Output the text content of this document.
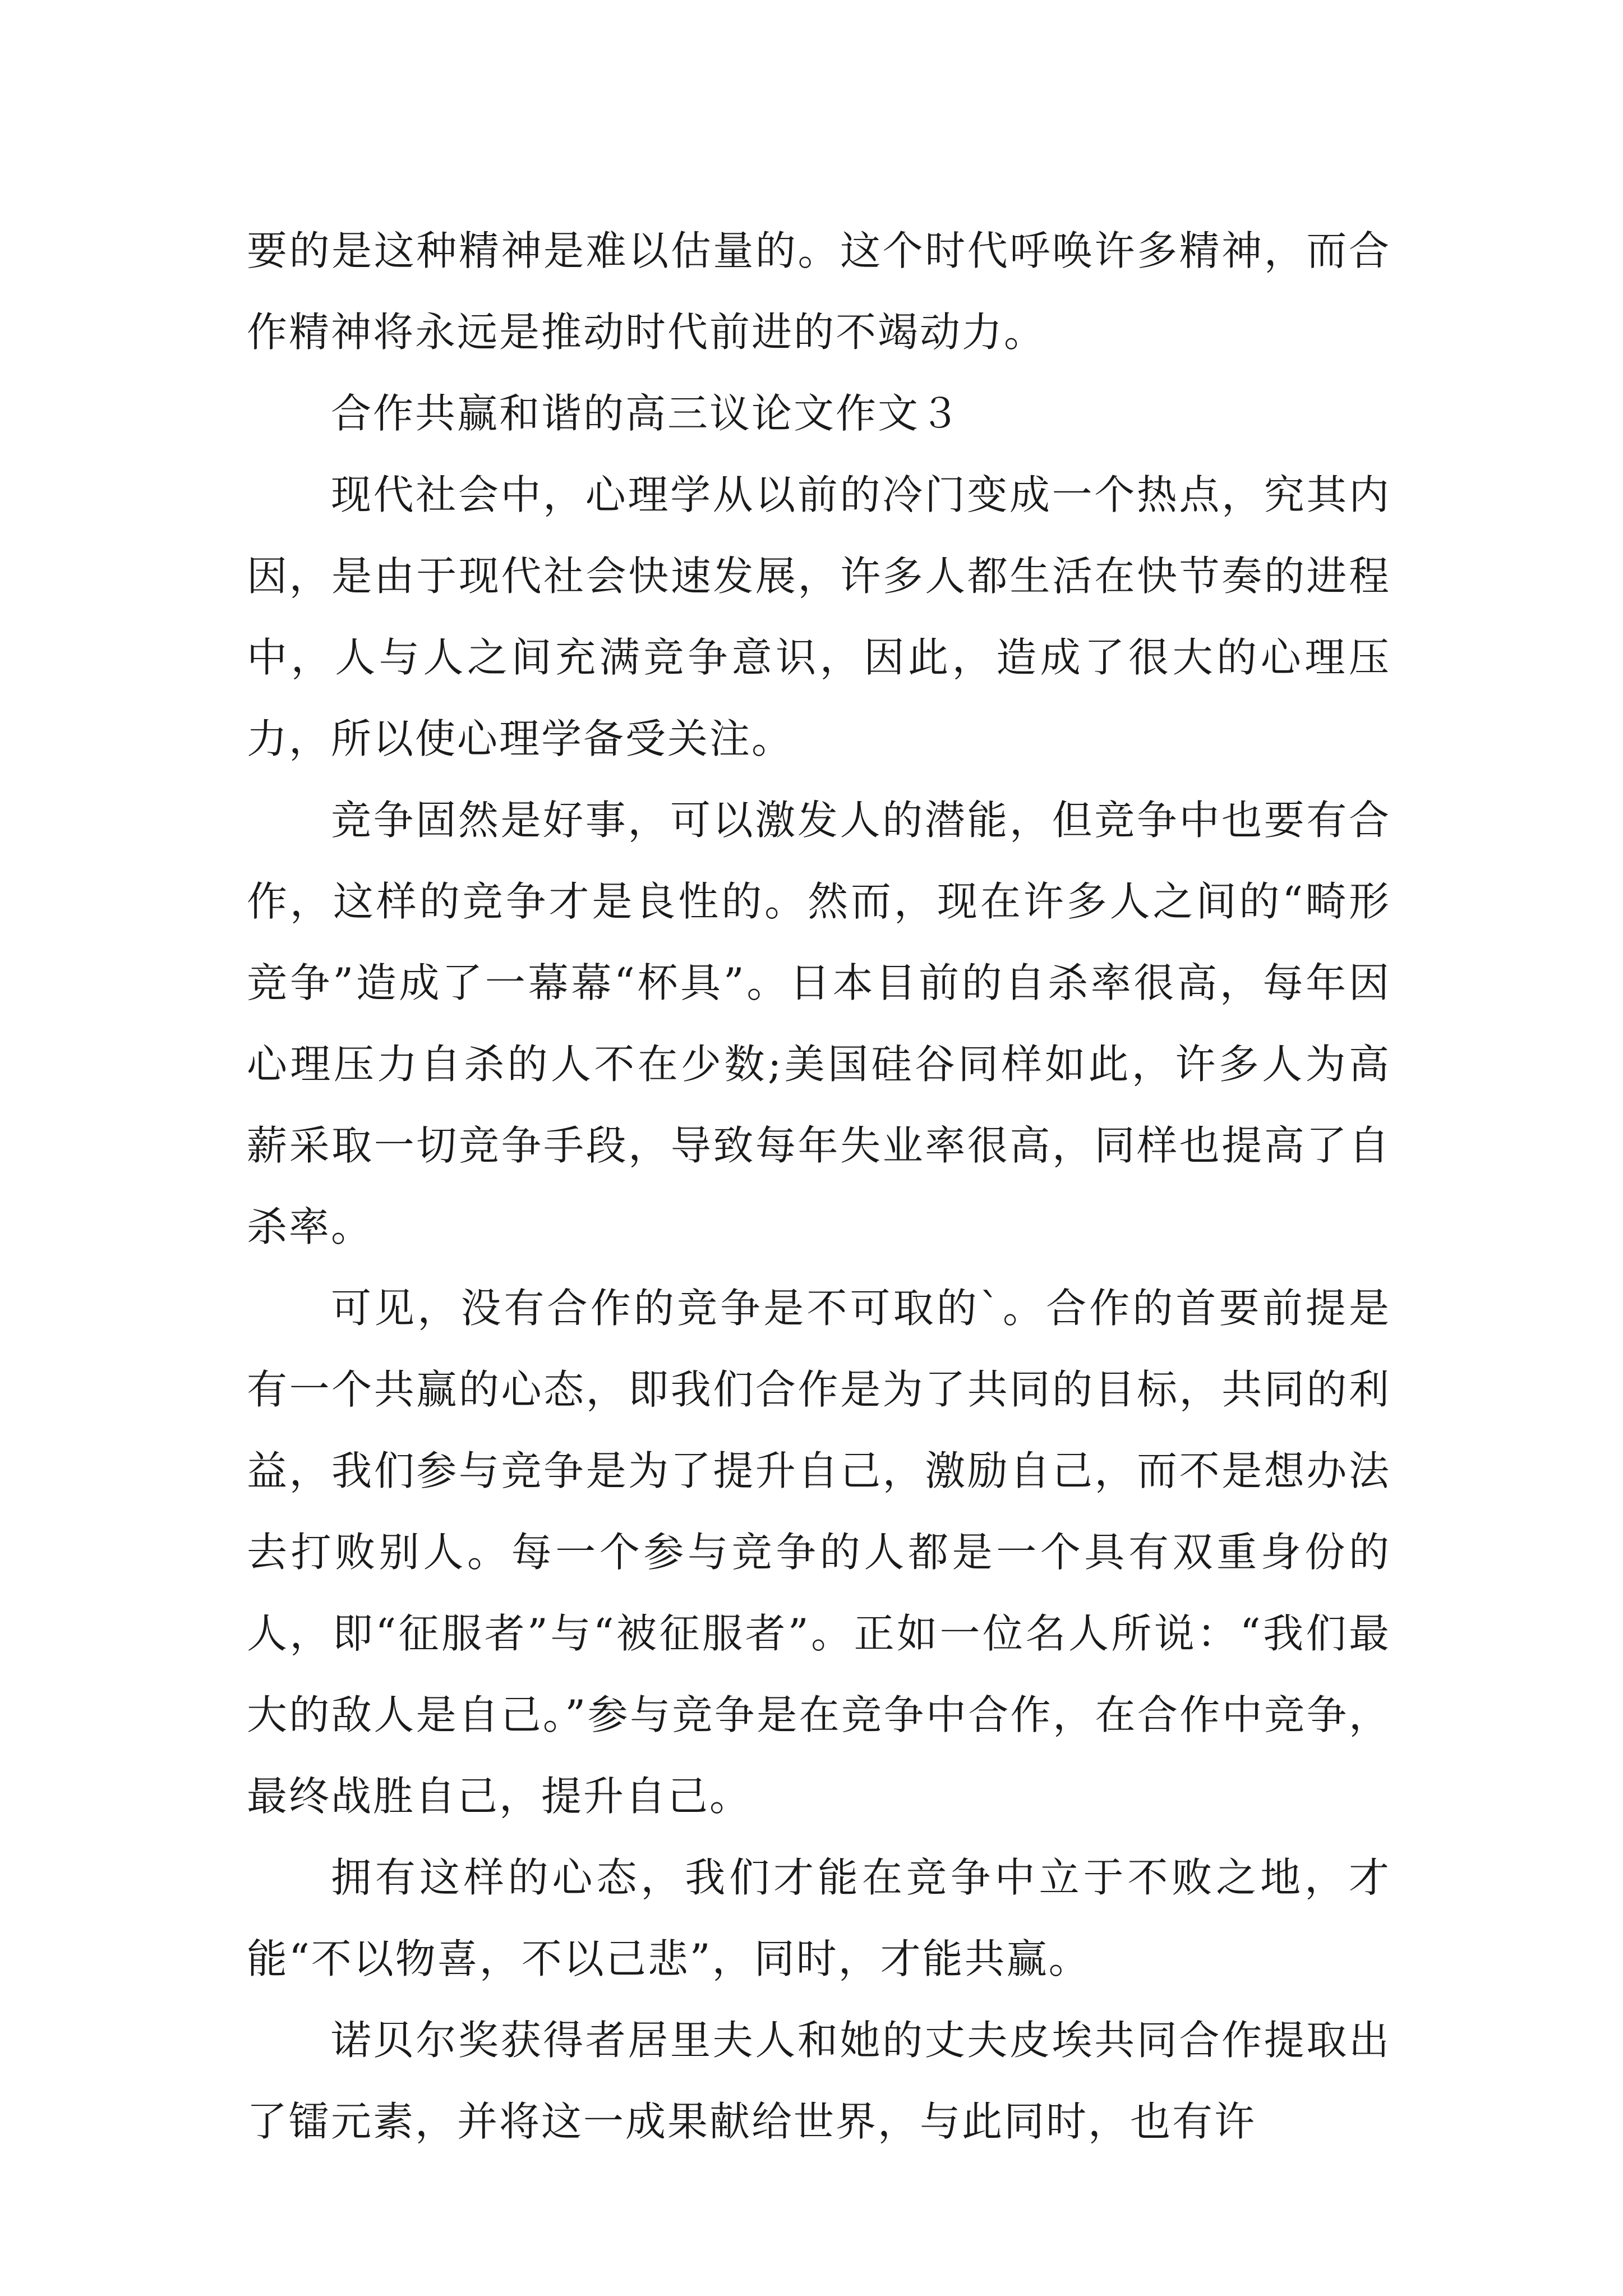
要的是这种精神是难以估量的。这个时代呼唤许多精神，而合作精神将永远是推动时代前进的不竭动力。

合作共赢和谐的高三议论文作文３

现代社会中，心理学从以前的冷门变成一个热点，究其内因，是由于现代社会快速发展，许多人都生活在快节奏的进程中，人与人之间充满竞争意识，因此，造成了很大的心理压力，所以使心理学备受关注。

竞争固然是好事，可以激发人的潜能，但竞争中也要有合作，这样的竞争才是良性的。然而，现在许多人之间的“畸形竞争”造成了一幕幕“杯具”。日本目前的自杀率很高，每年因心理压力自杀的人不在少数;美国硅谷同样如此，许多人为高薪采取一切竞争手段，导致每年失业率很高，同样也提高了自杀率。

可见，没有合作的竞争是不可取的`。合作的首要前提是有一个共赢的心态，即我们合作是为了共同的目标，共同的利益，我们参与竞争是为了提升自己，激励自己，而不是想办法去打败别人。每一个参与竞争的人都是一个具有双重身份的人，即“征服者”与“被征服者”。正如一位名人所说：“我们最大的敌人是自己。”参与竞争是在竞争中合作，在合作中竞争，最终战胜自己，提升自己。

拥有这样的心态，我们才能在竞争中立于不败之地，才能“不以物喜，不以己悲”，同时，才能共赢。

诺贝尔奖获得者居里夫人和她的丈夫皮埃共同合作提取出了镭元素，并将这一成果献给世界，与此同时，也有许
